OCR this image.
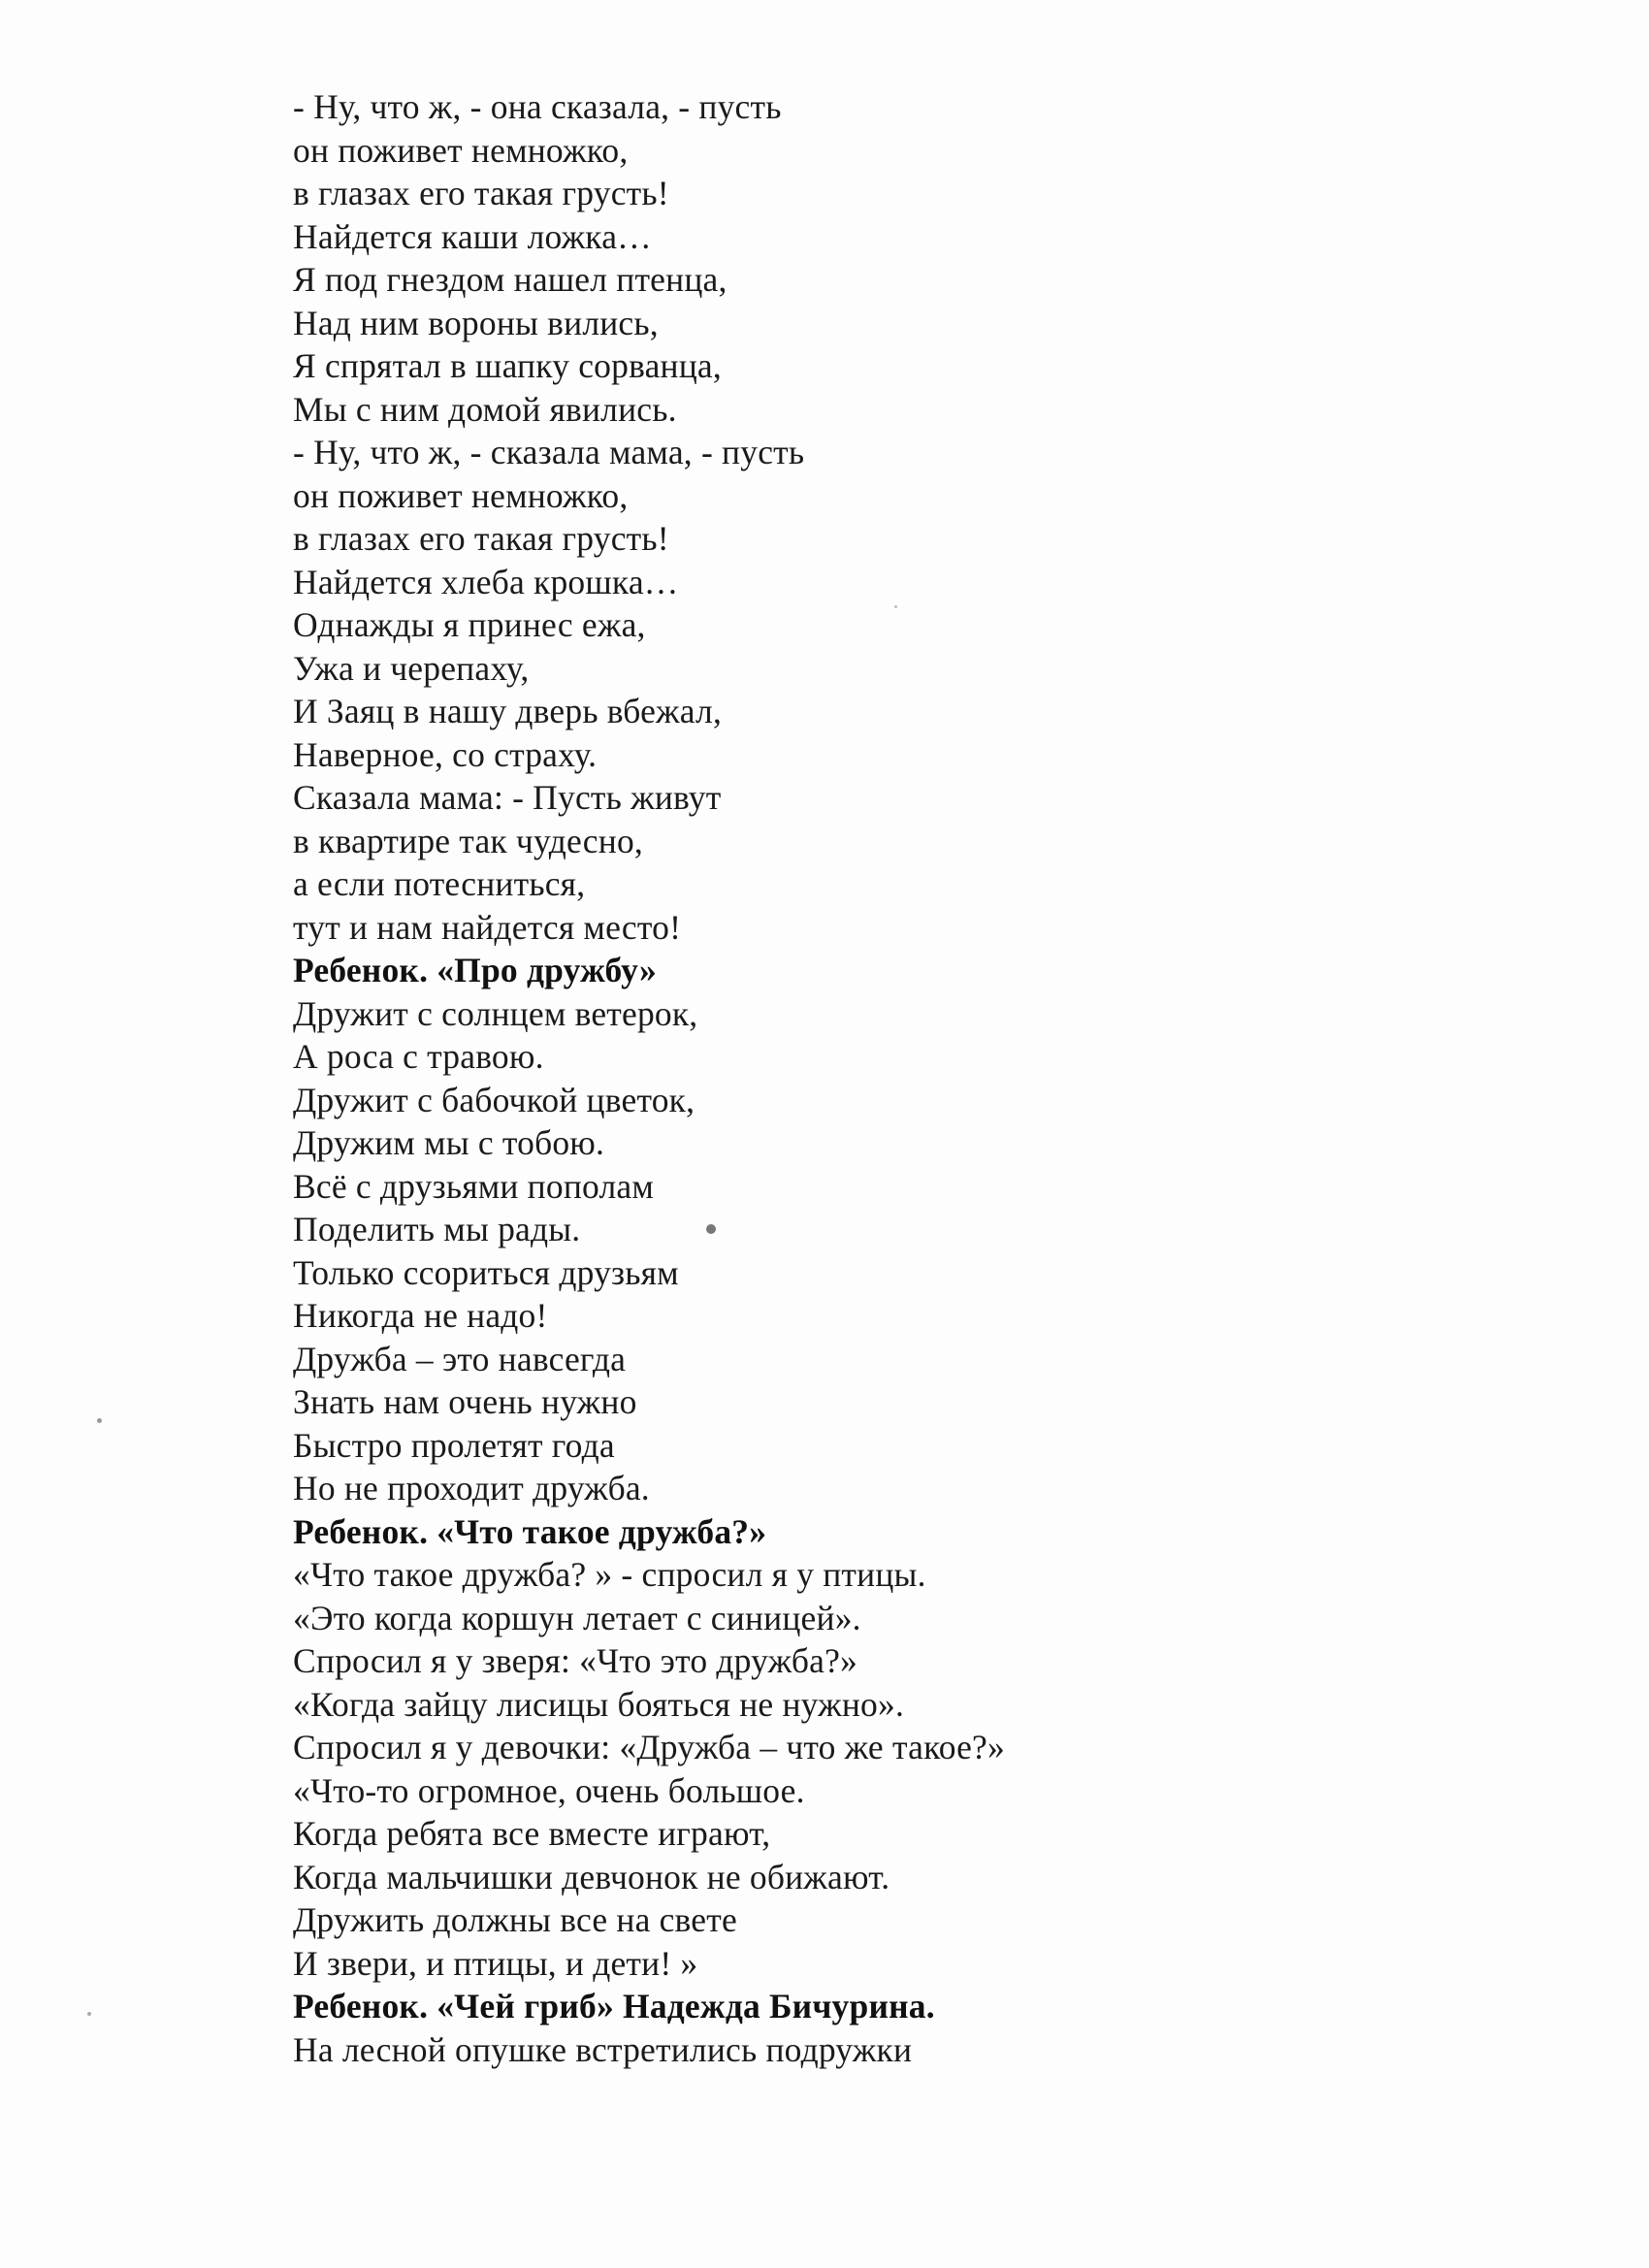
- Ну, что ж, - она сказала, - пусть
он поживет немножко,
в глазах его такая грусть!
Найдется каши ложка…
Я под гнездом нашел птенца,
Над ним вороны вились,
Я спрятал в шапку сорванца,
Мы с ним домой явились.
- Ну, что ж, - сказала мама, - пусть
он поживет немножко,
в глазах его такая грусть!
Найдется хлеба крошка…
Однажды я принес ежа,
Ужа и черепаху,
И Заяц в нашу дверь вбежал,
Наверное, со страху.
Сказала мама: - Пусть живут
в квартире так чудесно,
а если потесниться,
тут и нам найдется место!
Ребенок. «Про дружбу»
Дружит с солнцем ветерок,
А роса с травою.
Дружит с бабочкой цветок,
Дружим мы с тобою.
Всё с друзьями пополам
Поделить мы рады.
Только ссориться друзьям
Никогда не надо!
Дружба – это навсегда
Знать нам очень нужно
Быстро пролетят года
Но не проходит дружба.
Ребенок. «Что такое дружба?»
«Что такое дружба? » - спросил я у птицы.
«Это когда коршун летает с синицей».
Спросил я у зверя: «Что это дружба?»
«Когда зайцу лисицы бояться не нужно».
Спросил я у девочки: «Дружба – что же такое?»
«Что-то огромное, очень большое.
Когда ребята все вместе играют,
Когда мальчишки девчонок не обижают.
Дружить должны все на свете
И звери, и птицы, и дети! »
Ребенок. «Чей гриб» Надежда Бичурина.
На лесной опушке встретились подружки
